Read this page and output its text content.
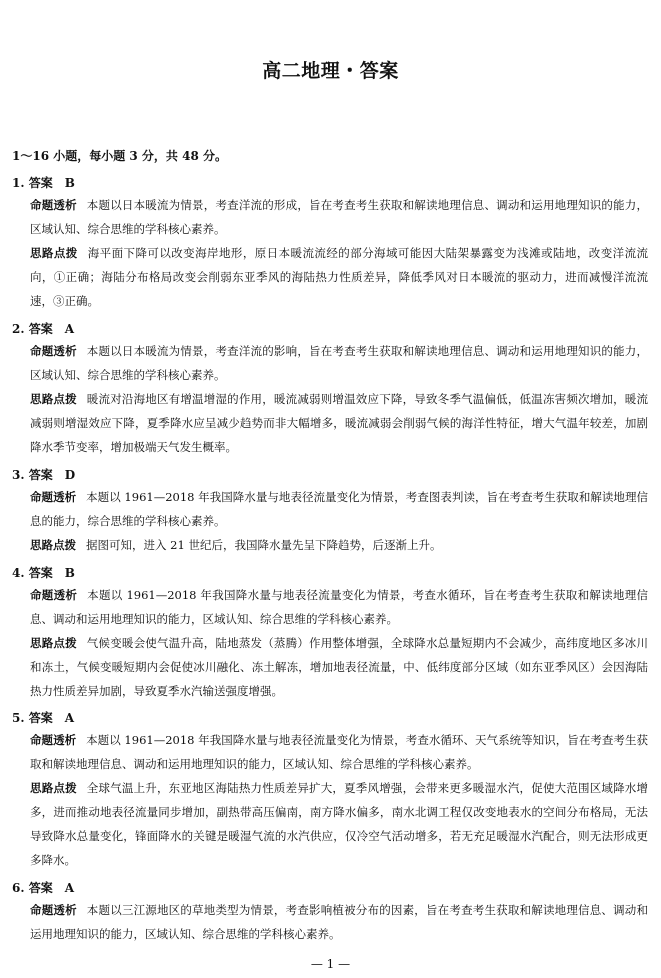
高二地理・答案
1～16 小题，每小题 3 分，共 48 分。
1. 答案　B
命题透析 本题以日本暖流为情景，考查洋流的形成，旨在考查考生获取和解读地理信息、调动和运用地理知识的能力，区域认知、综合思维的学科核心素养。
思路点拨 海平面下降可以改变海岸地形，原日本暖流流经的部分海域可能因大陆架暴露变为浅滩或陆地，改变洋流流向，①正确；海陆分布格局改变会削弱东亚季风的海陆热力性质差异，降低季风对日本暖流的驱动力，进而减慢洋流流速，③正确。
2. 答案　A
命题透析 本题以日本暖流为情景，考查洋流的影响，旨在考查考生获取和解读地理信息、调动和运用地理知识的能力，区域认知、综合思维的学科核心素养。
思路点拨 暖流对沿海地区有增温增湿的作用，暖流减弱则增温效应下降，导致冬季气温偏低，低温冻害频次增加，暖流减弱则增湿效应下降，夏季降水应呈减少趋势而非大幅增多，暖流减弱会削弱气候的海洋性特征，增大气温年较差，加剧降水季节变率，增加极端天气发生概率。
3. 答案　D
命题透析 本题以 1961—2018 年我国降水量与地表径流量变化为情景，考查图表判读，旨在考查考生获取和解读地理信息的能力，综合思维的学科核心素养。
思路点拨 据图可知，进入 21 世纪后，我国降水量先呈下降趋势，后逐渐上升。
4. 答案　B
命题透析 本题以 1961—2018 年我国降水量与地表径流量变化为情景，考查水循环，旨在考查考生获取和解读地理信息、调动和运用地理知识的能力，区域认知、综合思维的学科核心素养。
思路点拨 气候变暖会使气温升高，陆地蒸发（蒸腾）作用整体增强，全球降水总量短期内不会减少，高纬度地区多冰川和冻土，气候变暖短期内会促使冰川融化、冻土解冻，增加地表径流量，中、低纬度部分区域（如东亚季风区）会因海陆热力性质差异加剧，导致夏季水汽输送强度增强。
5. 答案　A
命题透析 本题以 1961—2018 年我国降水量与地表径流量变化为情景，考查水循环、天气系统等知识，旨在考查考生获取和解读地理信息、调动和运用地理知识的能力，区域认知、综合思维的学科核心素养。
思路点拨 全球气温上升，东亚地区海陆热力性质差异扩大，夏季风增强，会带来更多暖湿水汽，促使大范围区域降水增多，进而推动地表径流量同步增加，副热带高压偏南，南方降水偏多，南水北调工程仅改变地表水的空间分布格局，无法导致降水总量变化，锋面降水的关键是暖湿气流的水汽供应，仅冷空气活动增多，若无充足暖湿水汽配合，则无法形成更多降水。
6. 答案　A
命题透析 本题以三江源地区的草地类型为情景，考查影响植被分布的因素，旨在考查考生获取和解读地理信息、调动和运用地理知识的能力，区域认知、综合思维的学科核心素养。
— 1 —
